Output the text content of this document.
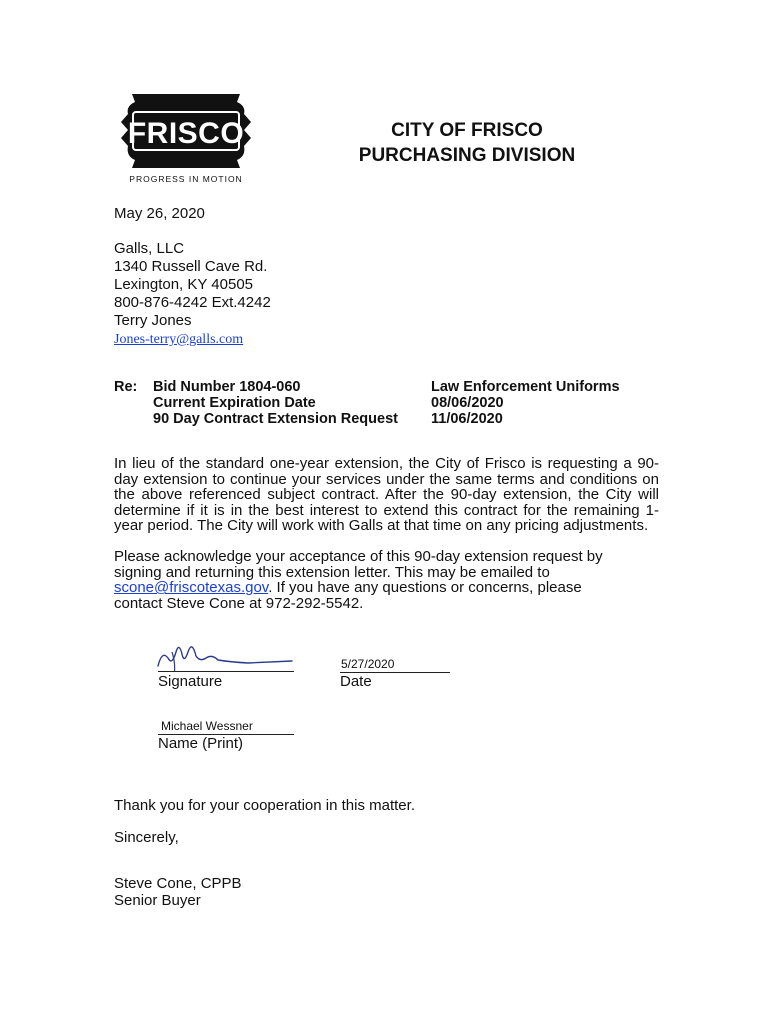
FRISCO
PROGRESS IN MOTION
CITY OF FRISCO
PURCHASING DIVISION
May 26, 2020
Galls, LLC
1340 Russell Cave Rd.
Lexington, KY 40505
800-876-4242 Ext.4242
Terry Jones
Jones-terry@galls.com
Re: Bid Number 1804-060
Current Expiration Date
90 Day Contract Extension Request
Law Enforcement Uniforms
08/06/2020
11/06/2020
In lieu of the standard one-year extension, the City of Frisco is requesting a 90-day extension to continue your services under the same terms and conditions on the above referenced subject contract. After the 90-day extension, the City will determine if it is in the best interest to extend this contract for the remaining 1-year period. The City will work with Galls at that time on any pricing adjustments.
Please acknowledge your acceptance of this 90-day extension request by signing and returning this extension letter. This may be emailed to scone@friscotexas.gov. If you have any questions or concerns, please contact Steve Cone at 972-292-5542.
Signature
5/27/2020
Date
Michael Wessner
Name (Print)
Thank you for your cooperation in this matter.
Sincerely,
Steve Cone, CPPB
Senior Buyer
